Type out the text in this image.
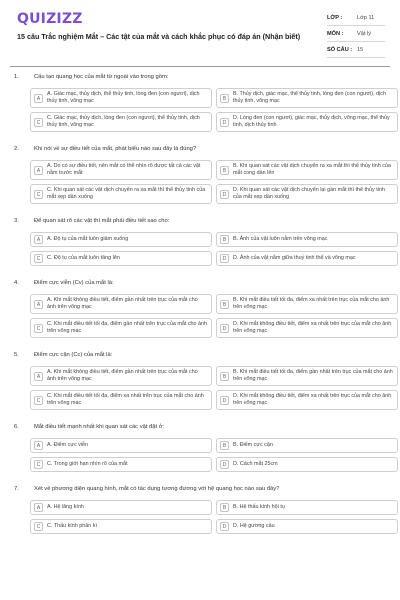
QUIZIZZ
15 câu Trắc nghiệm Mắt – Các tật của mắt và cách khắc phục có đáp án (Nhận biết)
LỚP :	Lớp 11
MÔN :	Vật lý
SỐ CÂU : 15
1.	Cấu tạo quang học của mắt từ ngoài vào trong gồm:
A
A. Giác mạc, thủy dịch, thể thủy tinh, lòng đen (con ngươi), dịch thủy tinh, võng mạc	B
B. Thủy dịch, giác mạc, thể thủy tinh, lòng đen (con ngươi), dịch thủy tinh, võng mạc
C
C. Giác mạc, thủy dịch, lòng đen (con ngươi), thể thủy tinh, dịch thủy tinh, võng mạc	D
D. Lòng đen (con ngươi), giác mạc, thủy dịch, võng mạc, thể thủy tinh, dịch thủy tinh
2.	Khi nói về sự điều tiết của mắt, phát biểu nào sau đây là đúng?
A
A. Do có sự điều tiết, nên mắt có thể nhìn rõ được tất cả các vật nằm trước mắt	B
B. Khi quan sát các vật dịch chuyển ra xa mắt thì thể thủy tinh của mắt cong dần lên
C
C. Khi quan sát các vật dịch chuyển ra xa mắt thì thể thủy tinh của mắt xẹp dần xuống	D
D. Khi quan sát các vật dịch chuyển lại gần mắt thì thể thủy tinh của mắt xẹp dần xuống
3.	Để quan sát rõ các vật thì mắt phải điều tiết sao cho:
A	A. Độ tụ của mắt luôn giảm xuống	B	B. Ảnh của vật luôn nằm trên võng mạc
C	C. Độ tụ của mắt luôn tăng lên	D	D. Ảnh của vật nằm giữa thuỷ tinh thể và võng mạc
4.	Điểm cực viễn (Cv) của mắt là:
A
A. Khi mắt không điều tiết, điểm gần nhất trên trục của mắt cho ảnh trên võng mạc	B
B. Khi mắt điều tiết tối đa, điểm xa nhất trên trục của mắt cho ảnh trên võng mạc
C
C. Khi mắt điều tiết tối đa, điểm gần nhất trên trục của mắt cho ảnh trên võng mạc	D
D. Khi mắt không điều tiết, điểm xa nhất trên trục của mắt cho ảnh trên võng mạc
5.	Điểm cực cận (Cc) của mắt là:
A
A. Khi mắt không điều tiết, điểm gần nhất trên trục của mắt cho ảnh trên võng mạc	B
B. Khi mắt điều tiết tối đa, điểm gần nhất trên trục của mắt cho ảnh trên võng mạc
C
C. Khi mắt điều tiết tối đa, điểm xa nhất trên trục của mắt cho ảnh trên võng mạc	D
D. Khi mắt không điều tiết, điểm xa nhất trên trục của mắt cho ảnh trên võng mạc
6.	Mắt điều tiết mạnh nhất khi quan sát các vật đặt ở:
A	A. Điểm cực viễn	B	B. Điểm cực cận
C	C. Trong giới hạn nhìn rõ của mắt	D	D. Cách mắt 25cm
7.	Xét về phương diện quang hình, mắt có tác dụng tương đương với hệ quang học nào sau đây?
A	A. Hệ lăng kính	B	B. Hệ thấu kính hội tụ
C	C. Thấu kính phân kì	D	D. Hệ gương cầu
